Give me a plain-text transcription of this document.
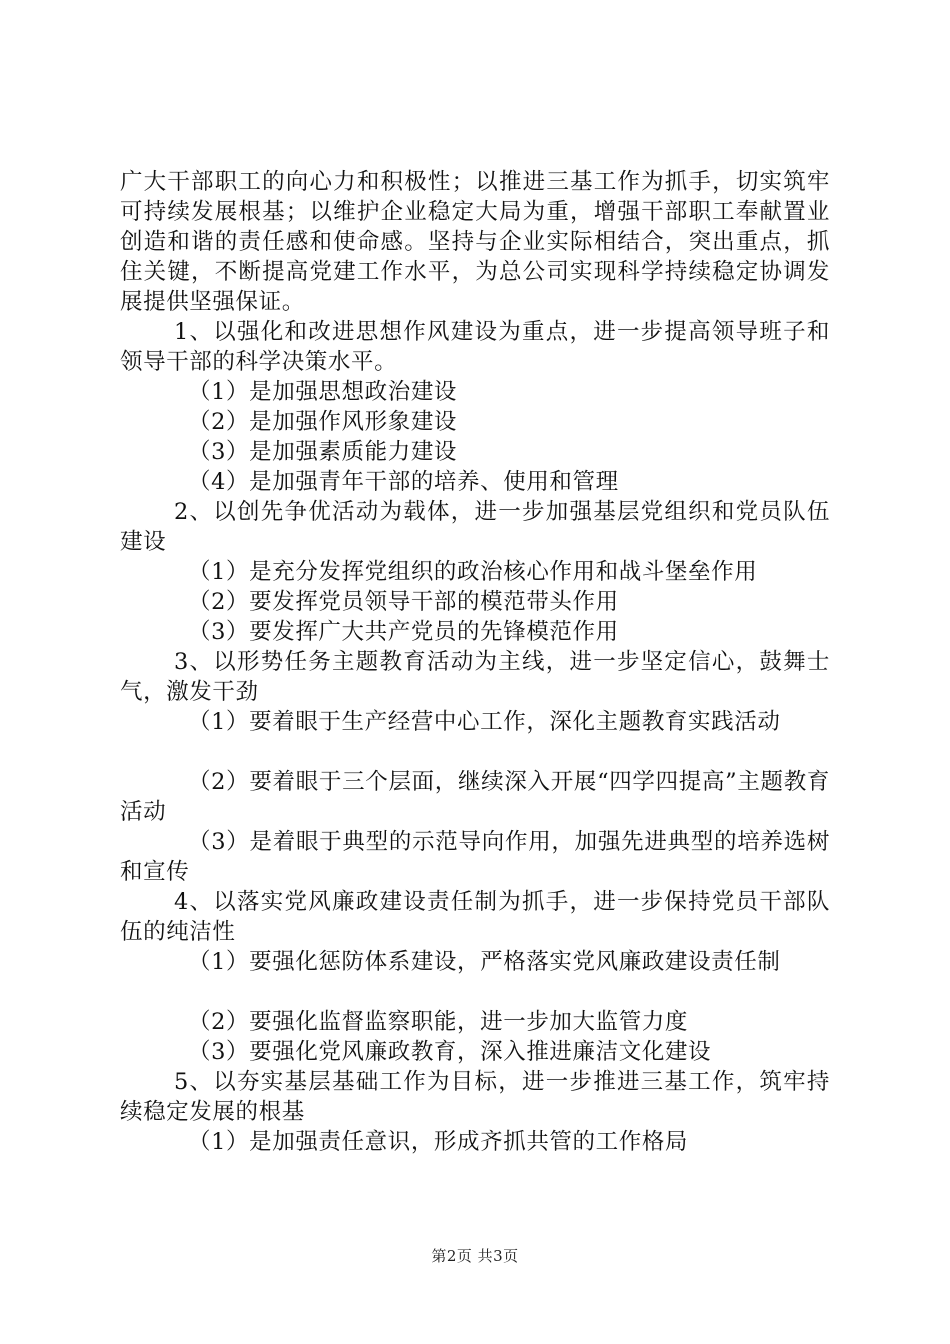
广大干部职工的向心力和积极性；以推进三基工作为抓手，切实筑牢可持续发展根基；以维护企业稳定大局为重，增强干部职工奉献置业创造和谐的责任感和使命感。坚持与企业实际相结合，突出重点，抓住关键，不断提高党建工作水平，为总公司实现科学持续稳定协调发展提供坚强保证。

1、以强化和改进思想作风建设为重点，进一步提高领导班子和领导干部的科学决策水平。

（1）是加强思想政治建设

（2）是加强作风形象建设

（3）是加强素质能力建设

（4）是加强青年干部的培养、使用和管理

2、以创先争优活动为载体，进一步加强基层党组织和党员队伍建设

（1）是充分发挥党组织的政治核心作用和战斗堡垒作用

（2）要发挥党员领导干部的模范带头作用

（3）要发挥广大共产党员的先锋模范作用

3、以形势任务主题教育活动为主线，进一步坚定信心，鼓舞士气，激发干劲

（1）要着眼于生产经营中心工作，深化主题教育实践活动

（2）要着眼于三个层面，继续深入开展“四学四提高”主题教育活动

（3）是着眼于典型的示范导向作用，加强先进典型的培养选树和宣传

4、以落实党风廉政建设责任制为抓手，进一步保持党员干部队伍的纯洁性

（1）要强化惩防体系建设，严格落实党风廉政建设责任制

（2）要强化监督监察职能，进一步加大监管力度

（3）要强化党风廉政教育，深入推进廉洁文化建设

5、以夯实基层基础工作为目标，进一步推进三基工作，筑牢持续稳定发展的根基

（1）是加强责任意识，形成齐抓共管的工作格局

第2页 共3页
